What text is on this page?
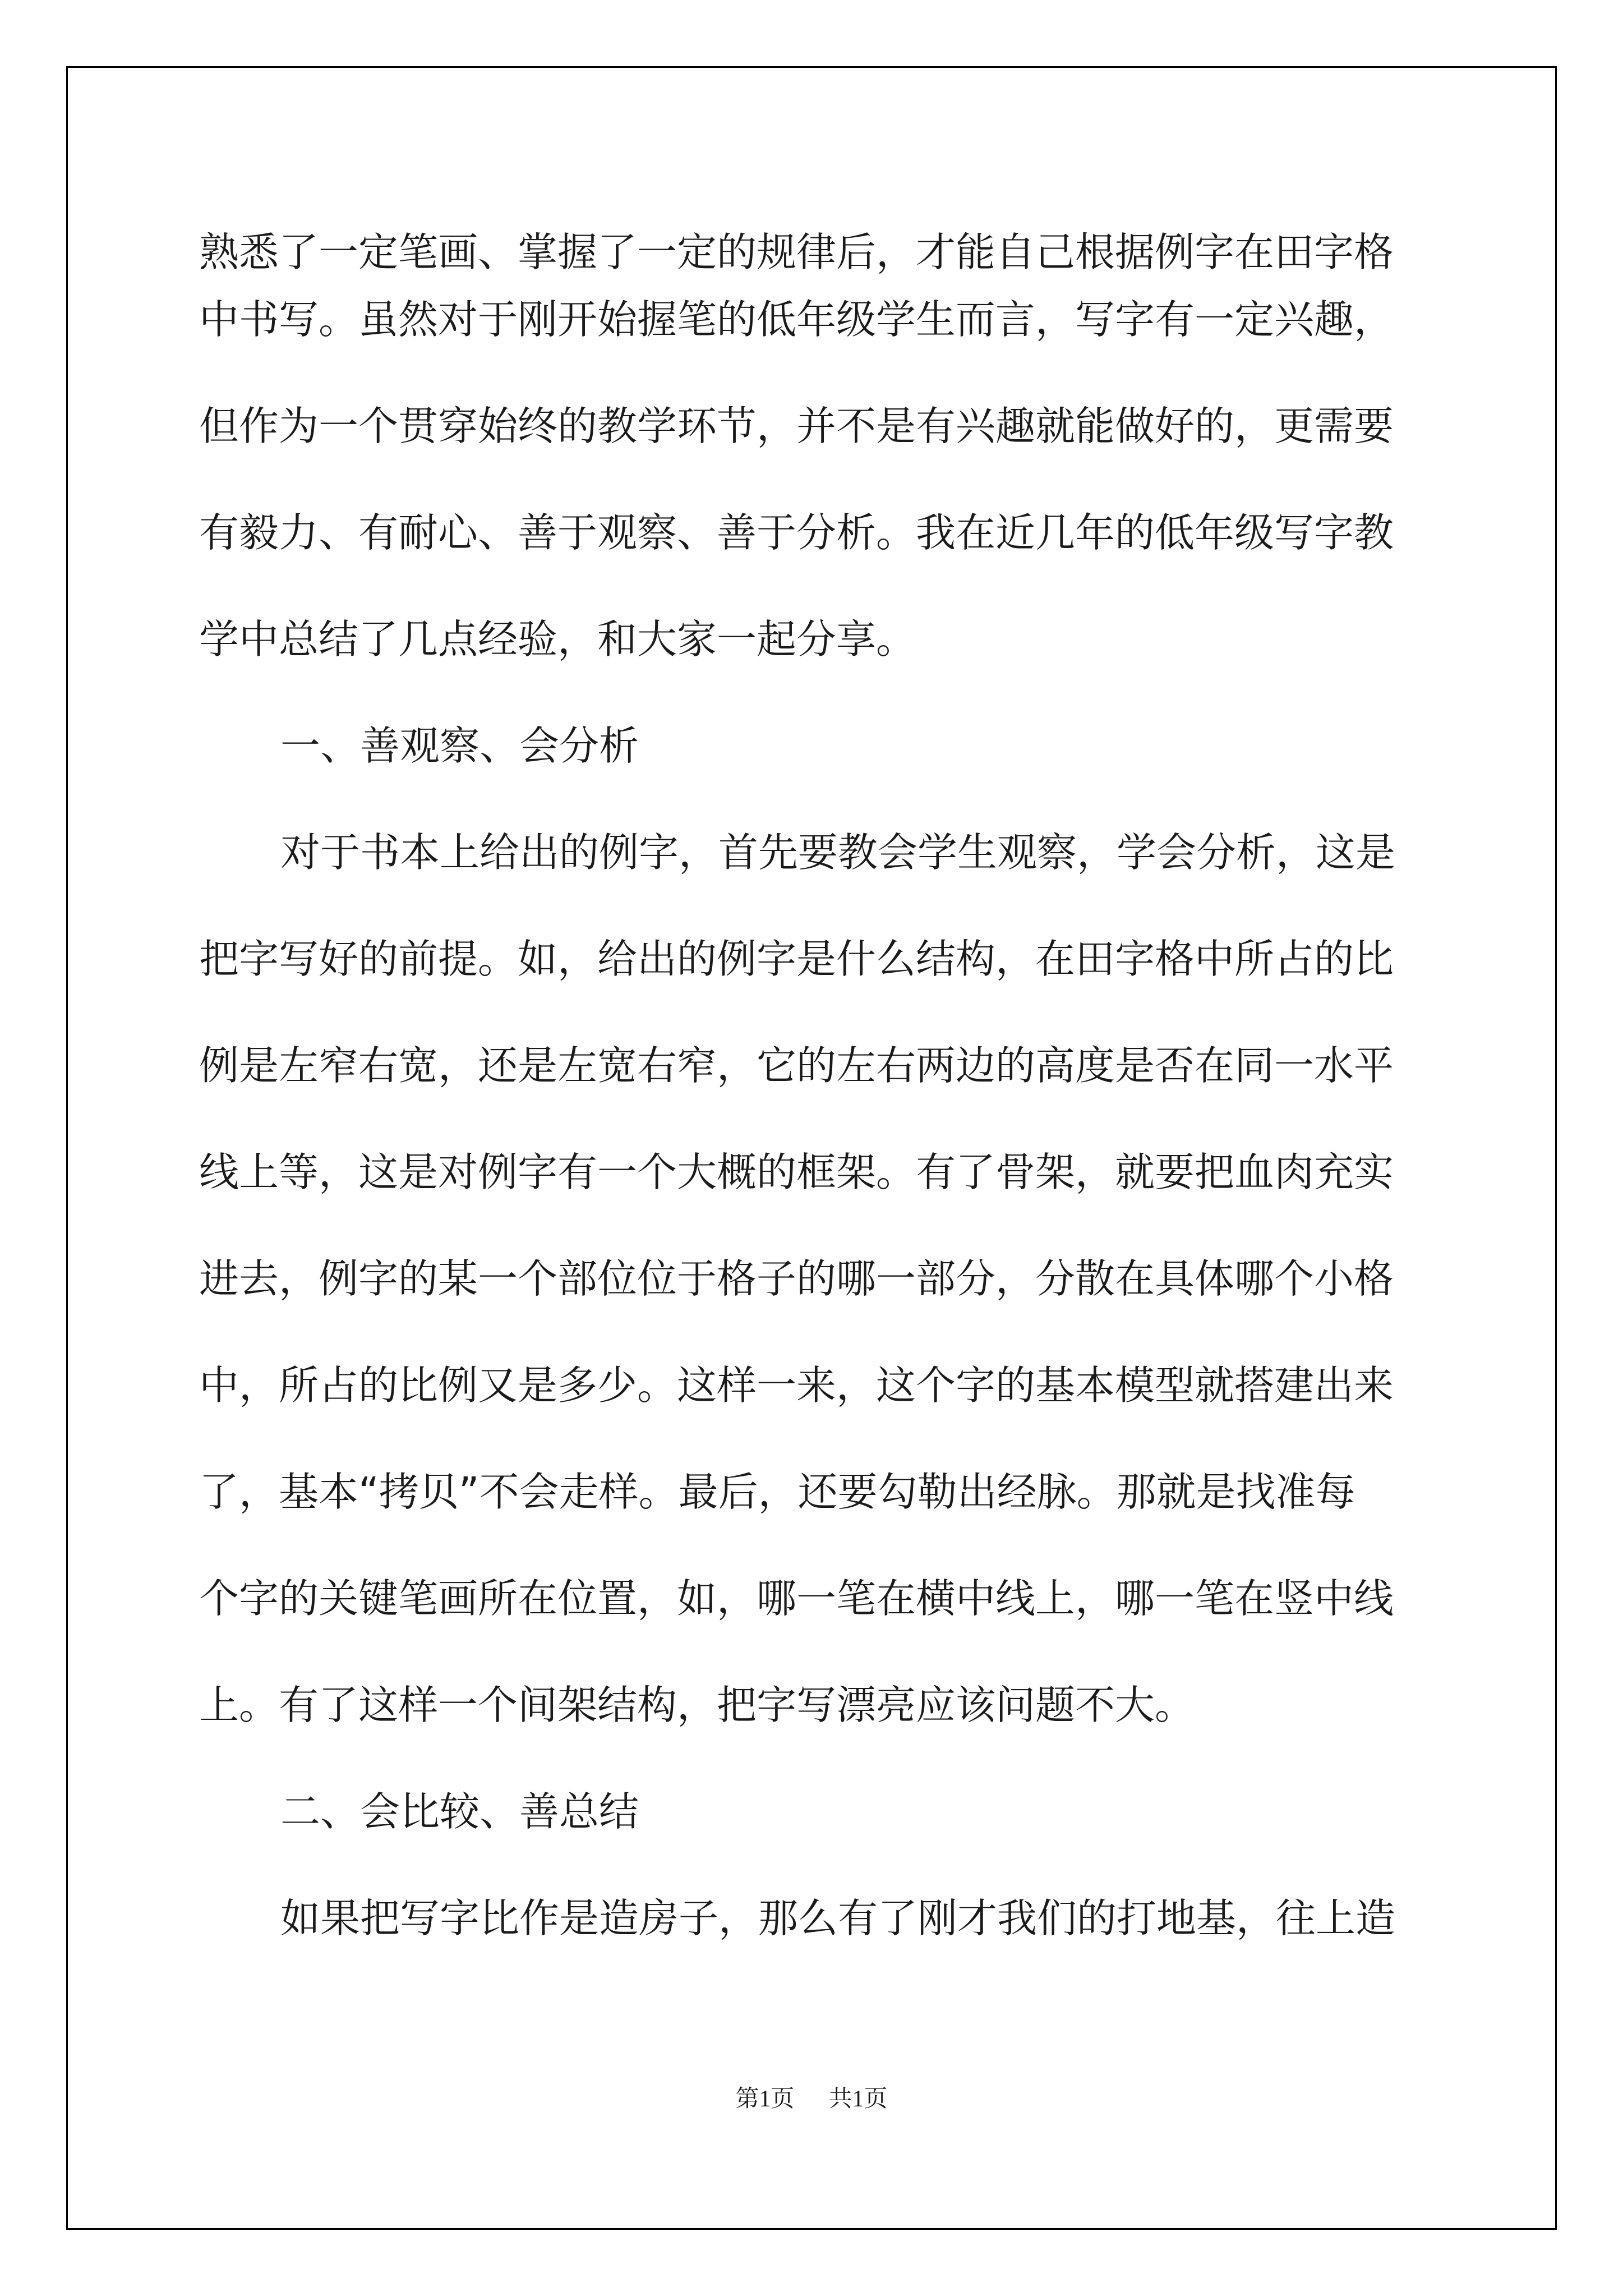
熟悉了一定笔画、掌握了一定的规律后，才能自己根据例字在田字格
中书写。虽然对于刚开始握笔的低年级学生而言，写字有一定兴趣，
但作为一个贯穿始终的教学环节，并不是有兴趣就能做好的，更需要
有毅力、有耐心、善于观察、善于分析。我在近几年的低年级写字教
学中总结了几点经验，和大家一起分享。
一、善观察、会分析
对于书本上给出的例字，首先要教会学生观察，学会分析，这是
把字写好的前提。如，给出的例字是什么结构，在田字格中所占的比
例是左窄右宽，还是左宽右窄，它的左右两边的高度是否在同一水平
线上等，这是对例字有一个大概的框架。有了骨架，就要把血肉充实
进去，例字的某一个部位位于格子的哪一部分，分散在具体哪个小格
中，所占的比例又是多少。这样一来，这个字的基本模型就搭建出来
了，基本“拷贝”不会走样。最后，还要勾勒出经脉。那就是找准每
个字的关键笔画所在位置，如，哪一笔在横中线上，哪一笔在竖中线
上。有了这样一个间架结构，把字写漂亮应该问题不大。
二、会比较、善总结
如果把写字比作是造房子，那么有了刚才我们的打地基，往上造
第1页 共1页
